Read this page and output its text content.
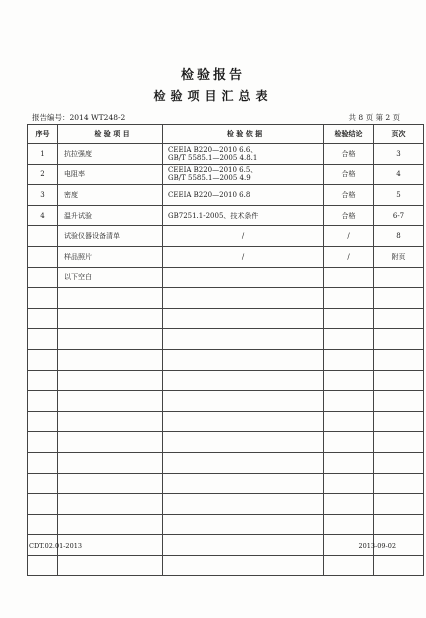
检验报告
检验项目汇总表
报告编号：2014 WT248-2	共 8 页 第 2 页
序号	检 验 项 目	检 验 依 据	检验结论	页次
1	抗拉强度	CEEIA B220—2010 6.6、
GB/T 5585.1—2005 4.8.1	合格	3
2	电阻率	CEEIA B220—2010 6.5、
GB/T 5585.1—2005 4.9	合格	4
3	密度	CEEIA B220—2010 6.8	合格	5
4	温升试验	GB7251.1-2005、技术条件	合格	6-7
	试验仪器设备清单	/	/	8
	样品照片	/	/	附页
	以下空白	

CDT.02.01-2013	2013-09-02
